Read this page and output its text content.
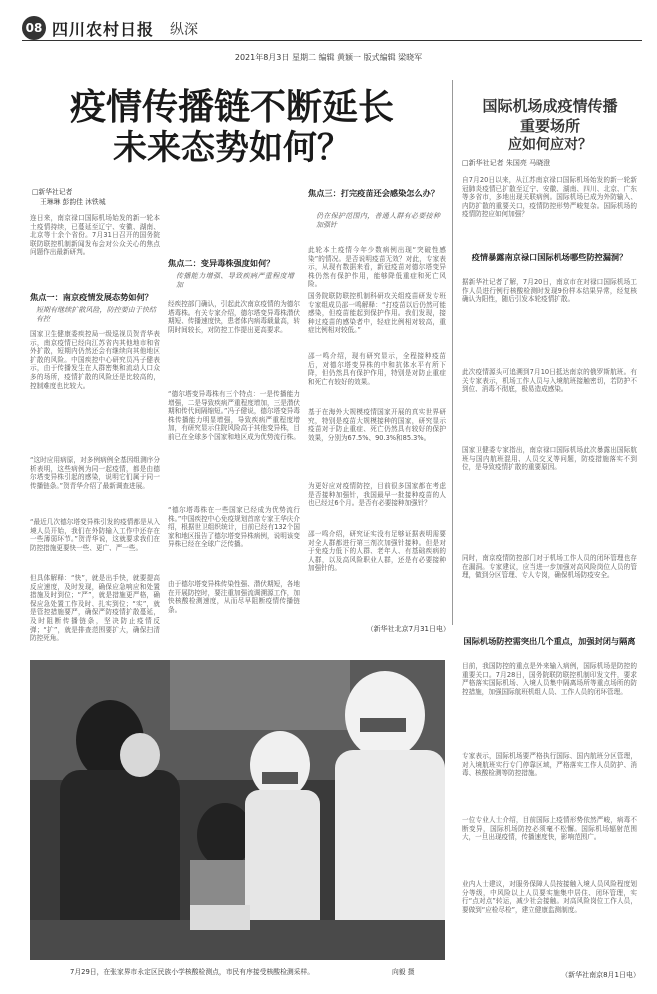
08 四川农村日报 纵深
2021年8月3日 星期二 编辑 黄颖一 版式编辑 梁晓军
疫情传播链不断延长
未来态势如何？
□新华社记者
王琳琳 彭韵佳 沐铁城
连日来，南京禄口国际机场始发的新一轮本土疫情持续，已蔓延至辽宁、安徽、湖南、北京等十余个省份。7月31日召开的国务院联防联控机制新闻发布会对公众关心的焦点问题作出最新研判。
焦点一：南京疫情发展态势如何？
短期有继续扩散风险，防控要由于快结有控
国家卫生健康委疾控局一级巡视员贺青华表示，南京疫情已经向江苏省内其他地市和省外扩散，短期内仍然还会有继续向其他地区扩散的风险。中国疾控中心研究员冯子健表示，由于传播发生在人群密集和流动人口众多的场所，疫情扩散的风险还是比较高的，控制难度也比较大。
“这时应用病原，对多例病例全基因组测序分析表明，这些病例为同一起疫情，都是由德尔塔变异株引起的感染，说明它们属于同一传播链条。”贺青华介绍了最新调查进展。
“最近几次德尔塔变异株引发的疫情都是从入境人员开始，我们在外防输入工作中还存在一些薄弱环节。”贺青华说，这就要求我们在防控措施更要快一些、更广、严一些。
但具体解释：“快”，就是出手快，就要提高反应速度，及时发现，确保应急响应和处置措施及时到位；“严”，就是措施更严格，确保应急处置工作及时、扎实到位；“实”，就是管控措施要严，确保严防疫情扩散蔓延，及时阻断传播链条，坚决防止疫情反弹；“扩”，就是排查范围要扩大，确保扫清防控死角。
焦点二：变异毒株强度如何？
传播能力增强、导致疾病严重程度增加
经疾控部门确认，引起此次南京疫情的为德尔塔毒株。有关专家介绍，德尔塔变异毒株潜伏期短、传播速度快，患者体内病毒载量高，转阴时间较长，对防控工作提出更高要求。
“德尔塔变异毒株有三个特点：一是传播能力增强，二是导致疾病严重程度增加，三是潜伏期和传代间隔缩短。”冯子健说，德尔塔变异毒株传播能力明显增强，导致疾病严重程度增加，有研究显示住院风险高于其他变异株，目前已在全球多个国家和地区成为优势流行株。
“德尔塔毒株在一些国家已经成为优势流行株。”中国疾控中心免疫规划首席专家王华庆介绍，根据世卫组织统计，目前已经有132个国家和地区报告了德尔塔变异株病例，说明该变异株已经在全球广泛传播。
由于德尔塔变异株传染性强、潜伏期短，各地在开展防控时，要注重加强流调溯源工作，加快核酸检测速度，从而尽早阻断疫情传播链条。
焦点三：打完疫苗还会感染怎么办？
仍在保护范围内，普通人群有必要接种加强针
此轮本土疫情今年少数病例出现“突破性感染”的情况。是否说明疫苗无效？对此，专家表示，从现有数据来看，新冠疫苗对德尔塔变异株仍然有保护作用，能够降低重症和死亡风险。
国务院联防联控机制科研攻关组疫苗研发专班专家组成员邵一鸣解释：“打疫苗以后仍然可能感染，但疫苗能起到保护作用。我们发现，接种过疫苗的感染者中，轻症比例相对较高，重症比例相对较低。”
邵一鸣介绍，现有研究显示，全程接种疫苗后，对德尔塔变异株的中和抗体水平有所下降，但仍然具有保护作用，特别是对防止重症和死亡有较好的效果。
基于在海外大规模疫情国家开展的真实世界研究，特别是疫苗大规模接种的国家，研究显示疫苗对于防止重症、死亡仍然具有较好的保护效果，分别为67.5%、90.3%和85.3%。
为更好应对疫情防控，目前很多国家都在考虑是否接种加强针，我国最早一批接种疫苗的人也已经过6个月。是否有必要接种加强针？
邵一鸣介绍，研究证实没有足够证据表明需要对全人群都进行第三剂次加强针接种。但是对于免疫力低下的人群、老年人、有基础疾病的人群，以及高风险职业人群，还是有必要接种加强针的。
（新华社北京7月31日电）
国际机场成疫情传播
重要场所
应如何应对？
□新华社记者 朱国亮 马晓澄
自7月20日以来，从江苏南京禄口国际机场始发的新一轮新冠肺炎疫情已扩散至辽宁、安徽、湖南、四川、北京、广东等多省市，多地出现关联病例。国际机场已成为外防输入、内防扩散的重要关口，疫情防控形势严峻复杂。国际机场的疫情防控应如何加强？
疫情暴露南京禄口国际机场哪些防控漏洞？
据新华社记者了解，7月20日，南京市在对禄口国际机场工作人员进行例行核酸检测时发现9份样本结果异常，经复核确认为阳性，随后引发本轮疫情扩散。
此次疫情源头可追溯到7月10日抵达南京的俄罗斯航班。有关专家表示，机场工作人员与入境航班接触密切，若防护不到位、消毒不彻底，极易造成感染。
国家卫健委专家指出，南京禄口国际机场此次暴露出国际航班与国内航班混用、人员交叉等问题，防疫措施落实不到位，是导致疫情扩散的重要原因。
同时，南京疫情防控部门对于机场工作人员的闭环管理也存在漏洞。专家建议，应当进一步加强对高风险岗位人员的管理，做到分区管理、专人专岗，确保机场防疫安全。
国际机场防控需突出几个重点，加强封闭与隔离
目前，我国防控的重点是外来输入病例，国际机场是防控的重要关口。7月28日，国务院联防联控机制印发文件，要求严格落实国际机场、入境人员集中隔离场所等重点场所的防控措施，加强国际航班机组人员、工作人员的闭环管理。
专家表示，国际机场要严格执行国际、国内航班分区管理，对入境航班实行专门停靠区域，严格落实工作人员防护、消毒、核酸检测等防控措施。
一位专业人士介绍，目前国际上疫情形势依然严峻，病毒不断变异，国际机场防控必须毫不松懈。国际机场辐射范围大，一旦出现疫情，传播速度快，影响范围广。
业内人士建议，对服务保障人员按接触入境人员风险程度划分等级，中风险以上人员要实施集中居住、闭环管理，实行“点对点”转运，减少社会接触。对高风险岗位工作人员，要做到“应检尽检”，建立健康监测制度。
（新华社南京8月1日电）
7月29日，在张家界市永定区民族小学核酸检测点，市民有序接受核酸检测采样。	向毅 摄
